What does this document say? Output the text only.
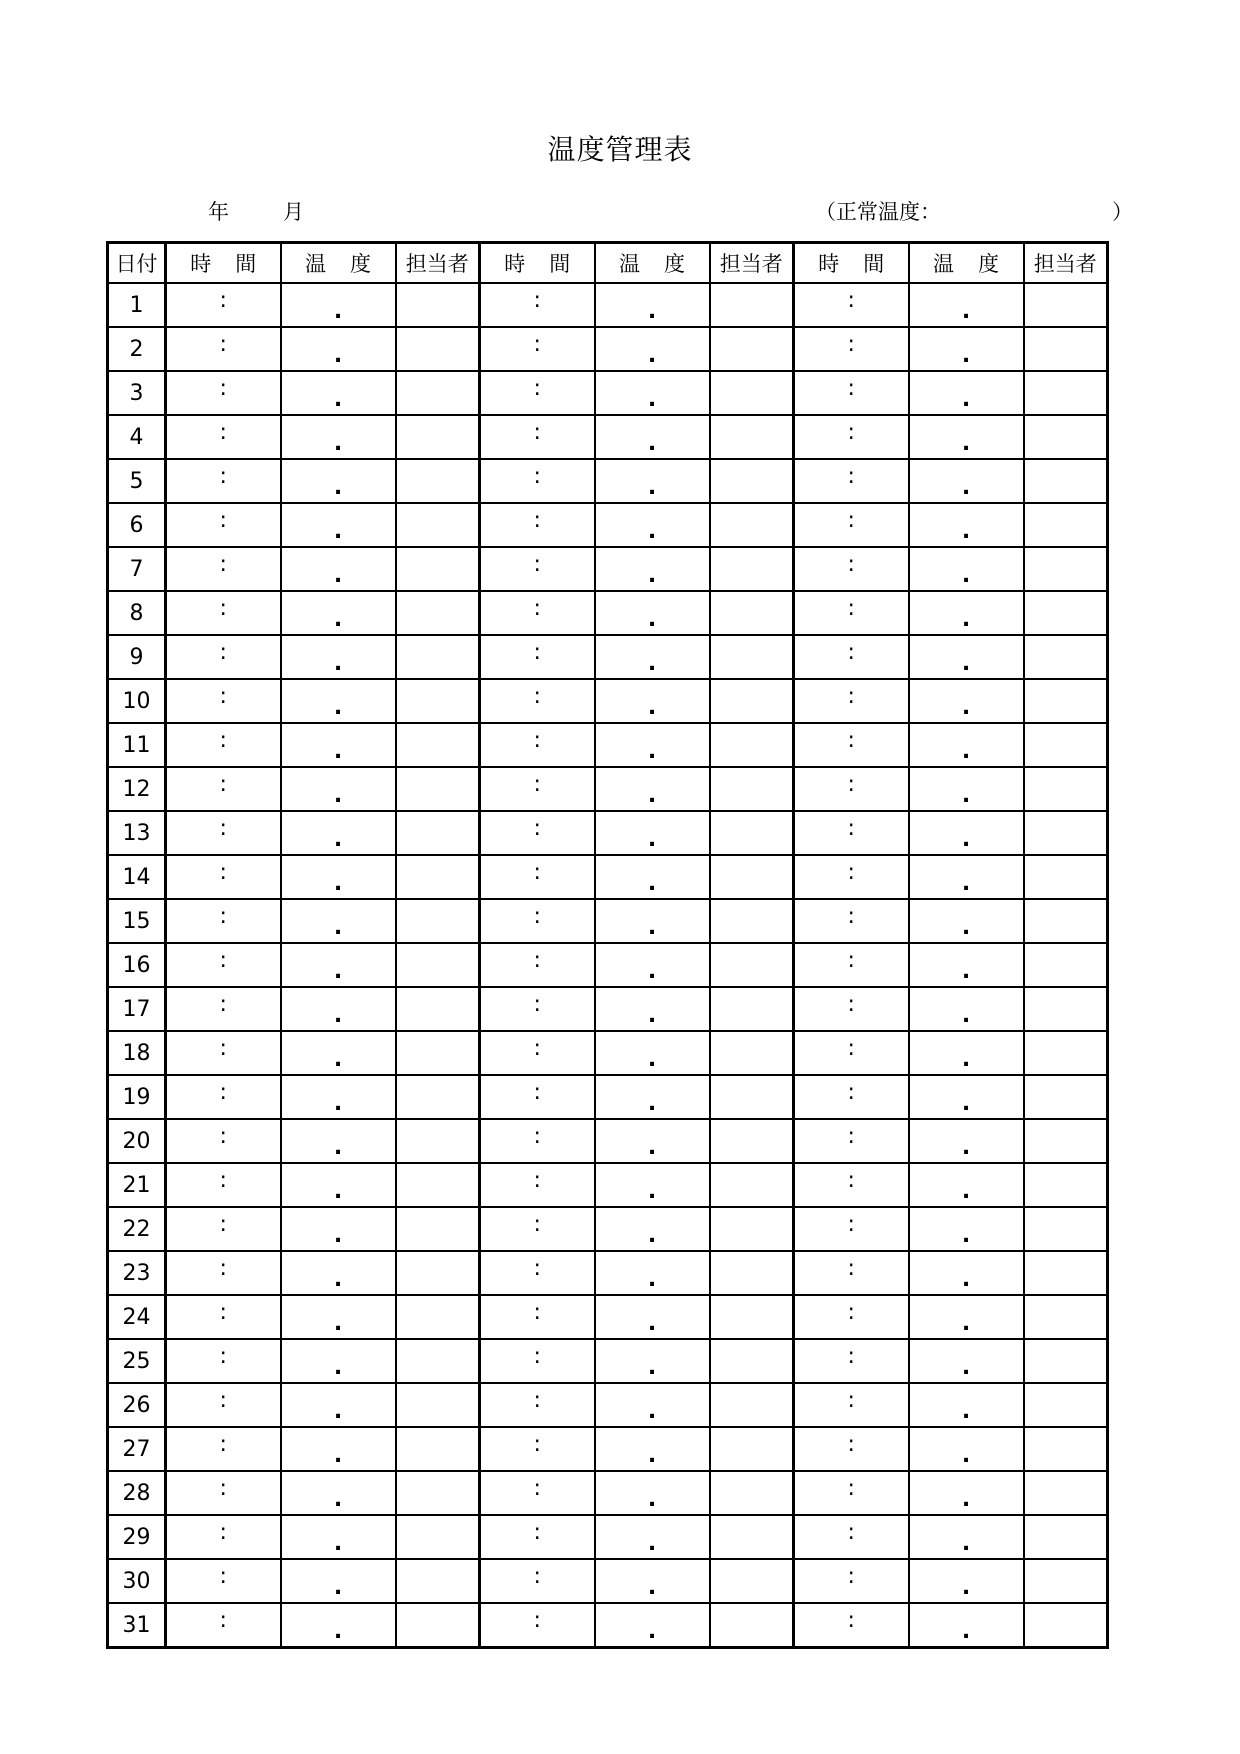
温度管理表
年	月	（正常温度：	）
日付	時 間	温 度	担当者	時 間	温 度	担当者	時 間	温 度	担当者
1	:	.		:	.		:	.	
2	:	.		:	.		:	.	
3	:	.		:	.		:	.	
4	:	.		:	.		:	.	
5	:	.		:	.		:	.	
6	:	.		:	.		:	.	
7	:	.		:	.		:	.	
8	:	.		:	.		:	.	
9	:	.		:	.		:	.	
10	:	.		:	.		:	.	
11	:	.		:	.		:	.	
12	:	.		:	.		:	.	
13	:	.		:	.		:	.	
14	:	.		:	.		:	.	
15	:	.		:	.		:	.	
16	:	.		:	.		:	.	
17	:	.		:	.		:	.	
18	:	.		:	.		:	.	
19	:	.		:	.		:	.	
20	:	.		:	.		:	.	
21	:	.		:	.		:	.	
22	:	.		:	.		:	.	
23	:	.		:	.		:	.	
24	:	.		:	.		:	.	
25	:	.		:	.		:	.	
26	:	.		:	.		:	.	
27	:	.		:	.		:	.	
28	:	.		:	.		:	.	
29	:	.		:	.		:	.	
30	:	.		:	.		:	.	
31	:	.		:	.		:	.	
